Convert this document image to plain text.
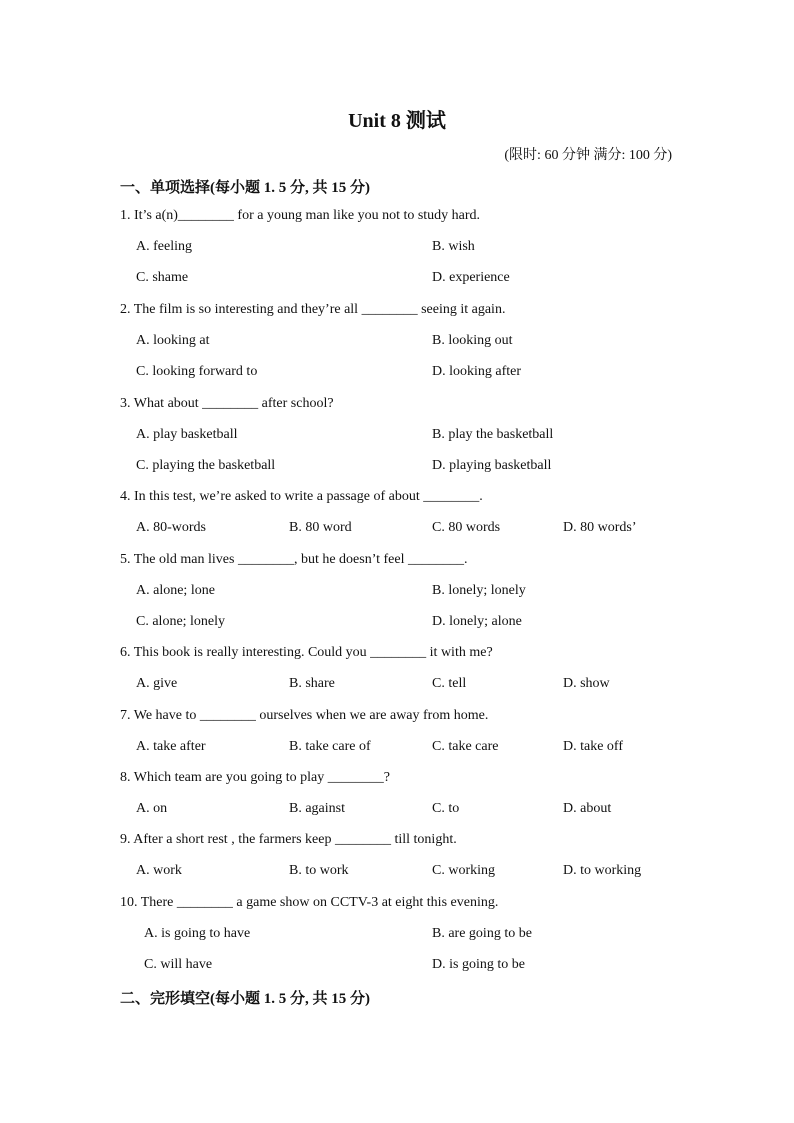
Unit 8 测试
(限时: 60 分钟 满分: 100 分)
一、单项选择(每小题 1. 5 分, 共 15 分)
1. It’s a(n)________ for a young man like you not to study hard.
A. feeling	B. wish
C. shame	D. experience
2. The film is so interesting and they’re all ________ seeing it again.
A. looking at	B. looking out
C. looking forward to	D. looking after
3. What about ________ after school?
A. play basketball	B. play the basketball
C. playing the basketball	D. playing basketball
4. In this test, we’re asked to write a passage of about ________.
A. 80-words	B. 80 word	C. 80 words	D. 80 words’
5. The old man lives ________, but he doesn’t feel ________.
A. alone; lone	B. lonely; lonely
C. alone; lonely	D. lonely; alone
6. This book is really interesting. Could you ________ it with me?
A. give	B. share	C. tell	D. show
7. We have to ________ ourselves when we are away from home.
A. take after	B. take care of	C. take care	D. take off
8. Which team are you going to play ________?
A. on	B. against	C. to	D. about
9. After a short rest , the farmers keep ________ till tonight.
A. work	B. to work	C. working	D. to working
10. There ________ a game show on CCTV-3 at eight this evening.
A. is going to have	B. are going to be
C. will have	D. is going to be
二、完形填空(每小题 1. 5 分, 共 15 分)
